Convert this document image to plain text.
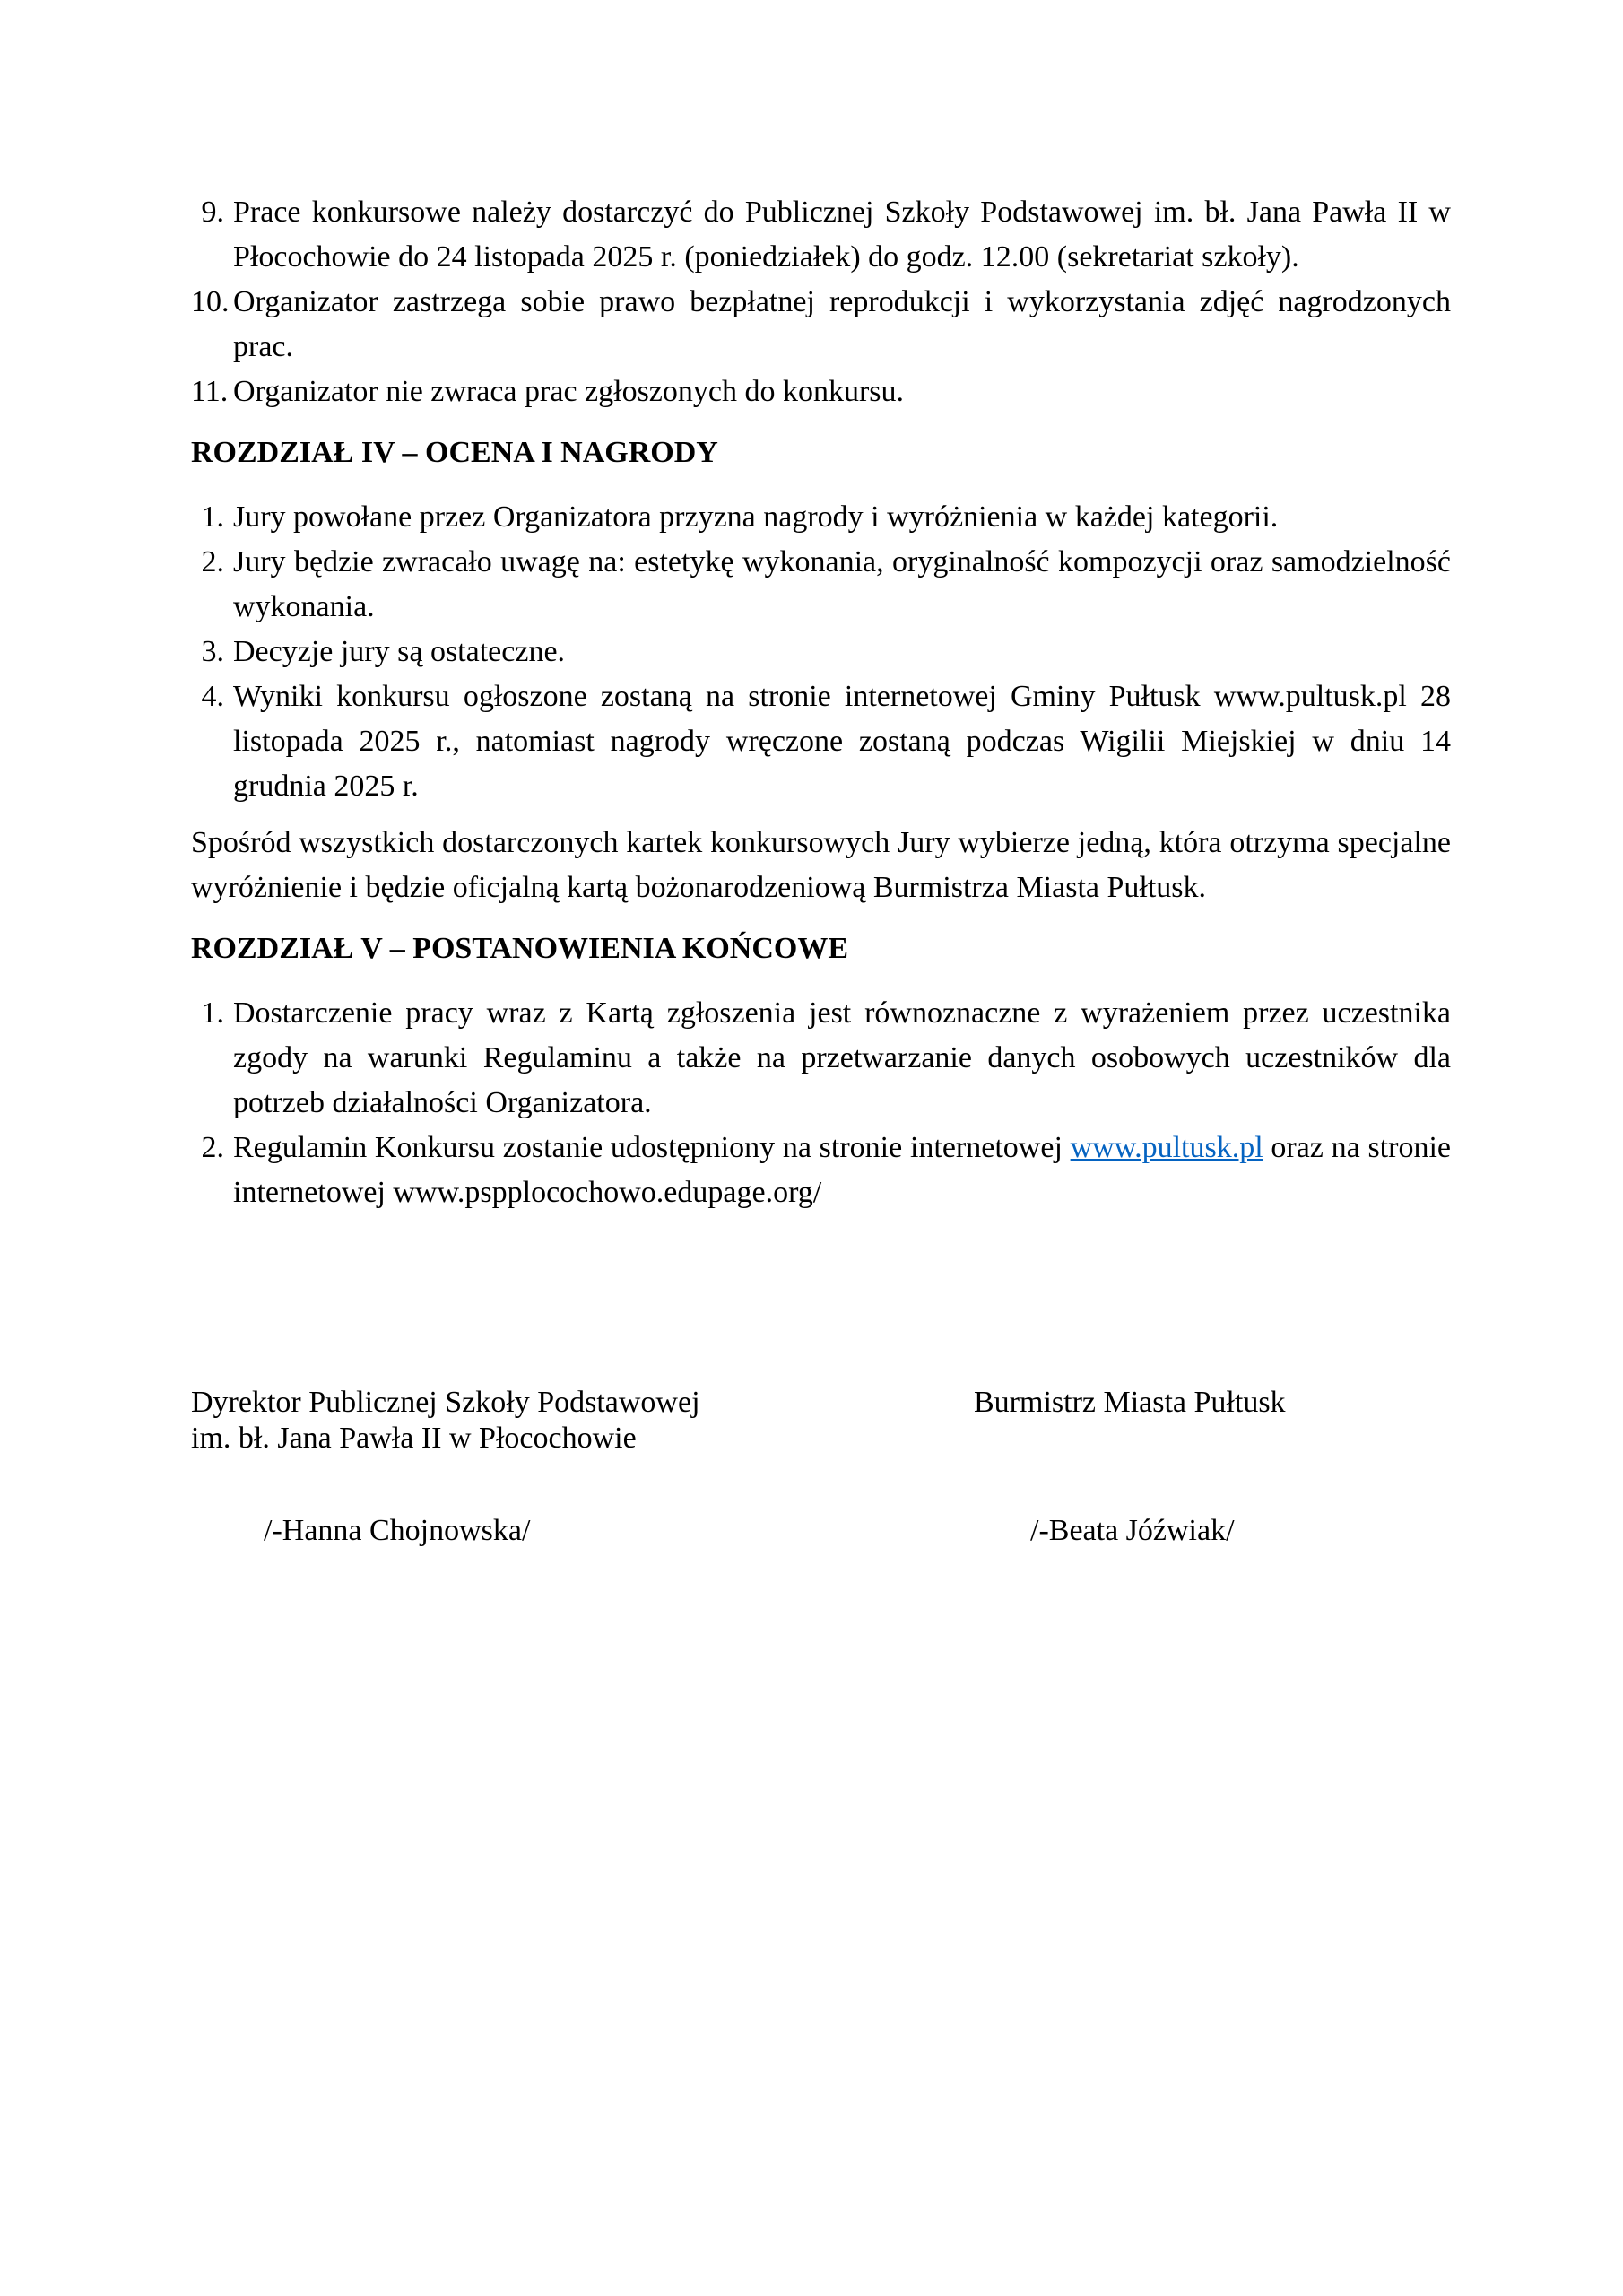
9. Prace konkursowe należy dostarczyć do Publicznej Szkoły Podstawowej im. bł. Jana Pawła II w Płocochowie do 24 listopada 2025 r. (poniedziałek) do godz. 12.00 (sekretariat szkoły).
10. Organizator zastrzega sobie prawo bezpłatnej reprodukcji i wykorzystania zdjęć nagrodzonych prac.
11. Organizator nie zwraca prac zgłoszonych do konkursu.
ROZDZIAŁ IV – OCENA I NAGRODY
1. Jury powołane przez Organizatora przyzna nagrody i wyróżnienia w każdej kategorii.
2. Jury będzie zwracało uwagę na: estetykę wykonania, oryginalność kompozycji oraz samodzielność wykonania.
3. Decyzje jury są ostateczne.
4. Wyniki konkursu ogłoszone zostaną na stronie internetowej Gminy Pułtusk www.pultusk.pl 28 listopada 2025 r., natomiast nagrody wręczone zostaną podczas Wigilii Miejskiej w dniu 14 grudnia 2025 r.

Spośród wszystkich dostarczonych kartek konkursowych Jury wybierze jedną, która otrzyma specjalne wyróżnienie i będzie oficjalną kartą bożonarodzeniową Burmistrza Miasta Pułtusk.

ROZDZIAŁ V – POSTANOWIENIA KOŃCOWE
1. Dostarczenie pracy wraz z Kartą zgłoszenia jest równoznaczne z wyrażeniem przez uczestnika zgody na warunki Regulaminu a także na przetwarzanie danych osobowych uczestników dla potrzeb działalności Organizatora.
2. Regulamin Konkursu zostanie udostępniony na stronie internetowej www.pultusk.pl oraz na stronie internetowej www.pspplocochowo.edupage.org/
Dyrektor Publicznej Szkoły Podstawowej
im. bł. Jana Pawła II w Płocochowie
Burmistrz Miasta Pułtusk
/-Hanna Chojnowska/	/-Beata Jóźwiak/
